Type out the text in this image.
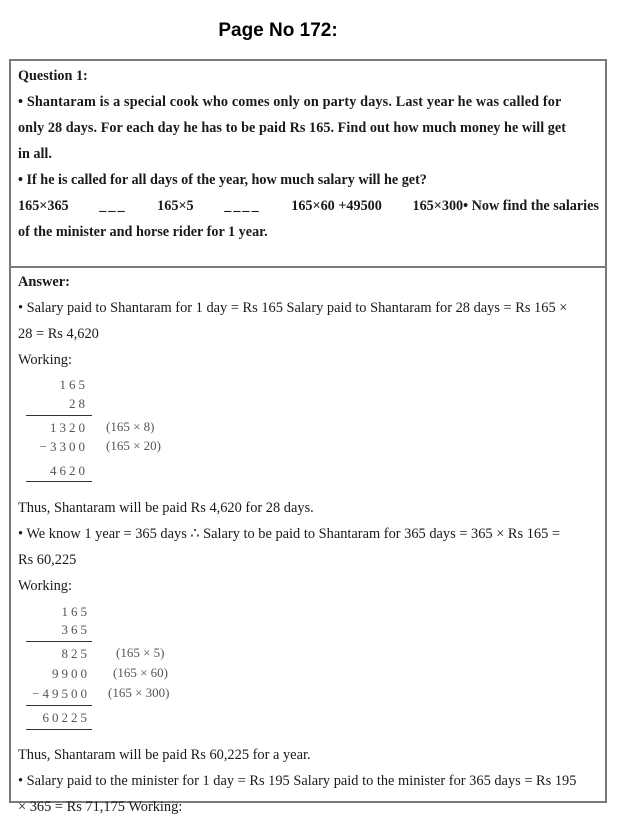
Page No 172:

Question 1:

• Shantaram is a special cook who comes only on party days. Last year he was called for

only 28 days. For each day he has to be paid Rs 165. Find out how much money he will get

in all.

• If he is called for all days of the year, how much salary will he get?

165×365 ___ 165×5 ____ 165×60 +49500 165×300• Now find the salaries

of the minister and horse rider for 1 year.

Answer:

• Salary paid to Shantaram for 1 day = Rs 165 Salary paid to Shantaram for 28 days = Rs 165 ×

28 = Rs 4,620

Working:

165
28
1320 (165 × 8)
−3300 (165 × 20)
4620

Thus, Shantaram will be paid Rs 4,620 for 28 days.

• We know 1 year = 365 days ∴ Salary to be paid to Shantaram for 365 days = 365 × Rs 165 =

Rs 60,225

Working:

165
365
825 (165 × 5)
9900 (165 × 60)
−49500 (165 × 300)
60225

Thus, Shantaram will be paid Rs 60,225 for a year.

• Salary paid to the minister for 1 day = Rs 195 Salary paid to the minister for 365 days = Rs 195

× 365 = Rs 71,175 Working:
